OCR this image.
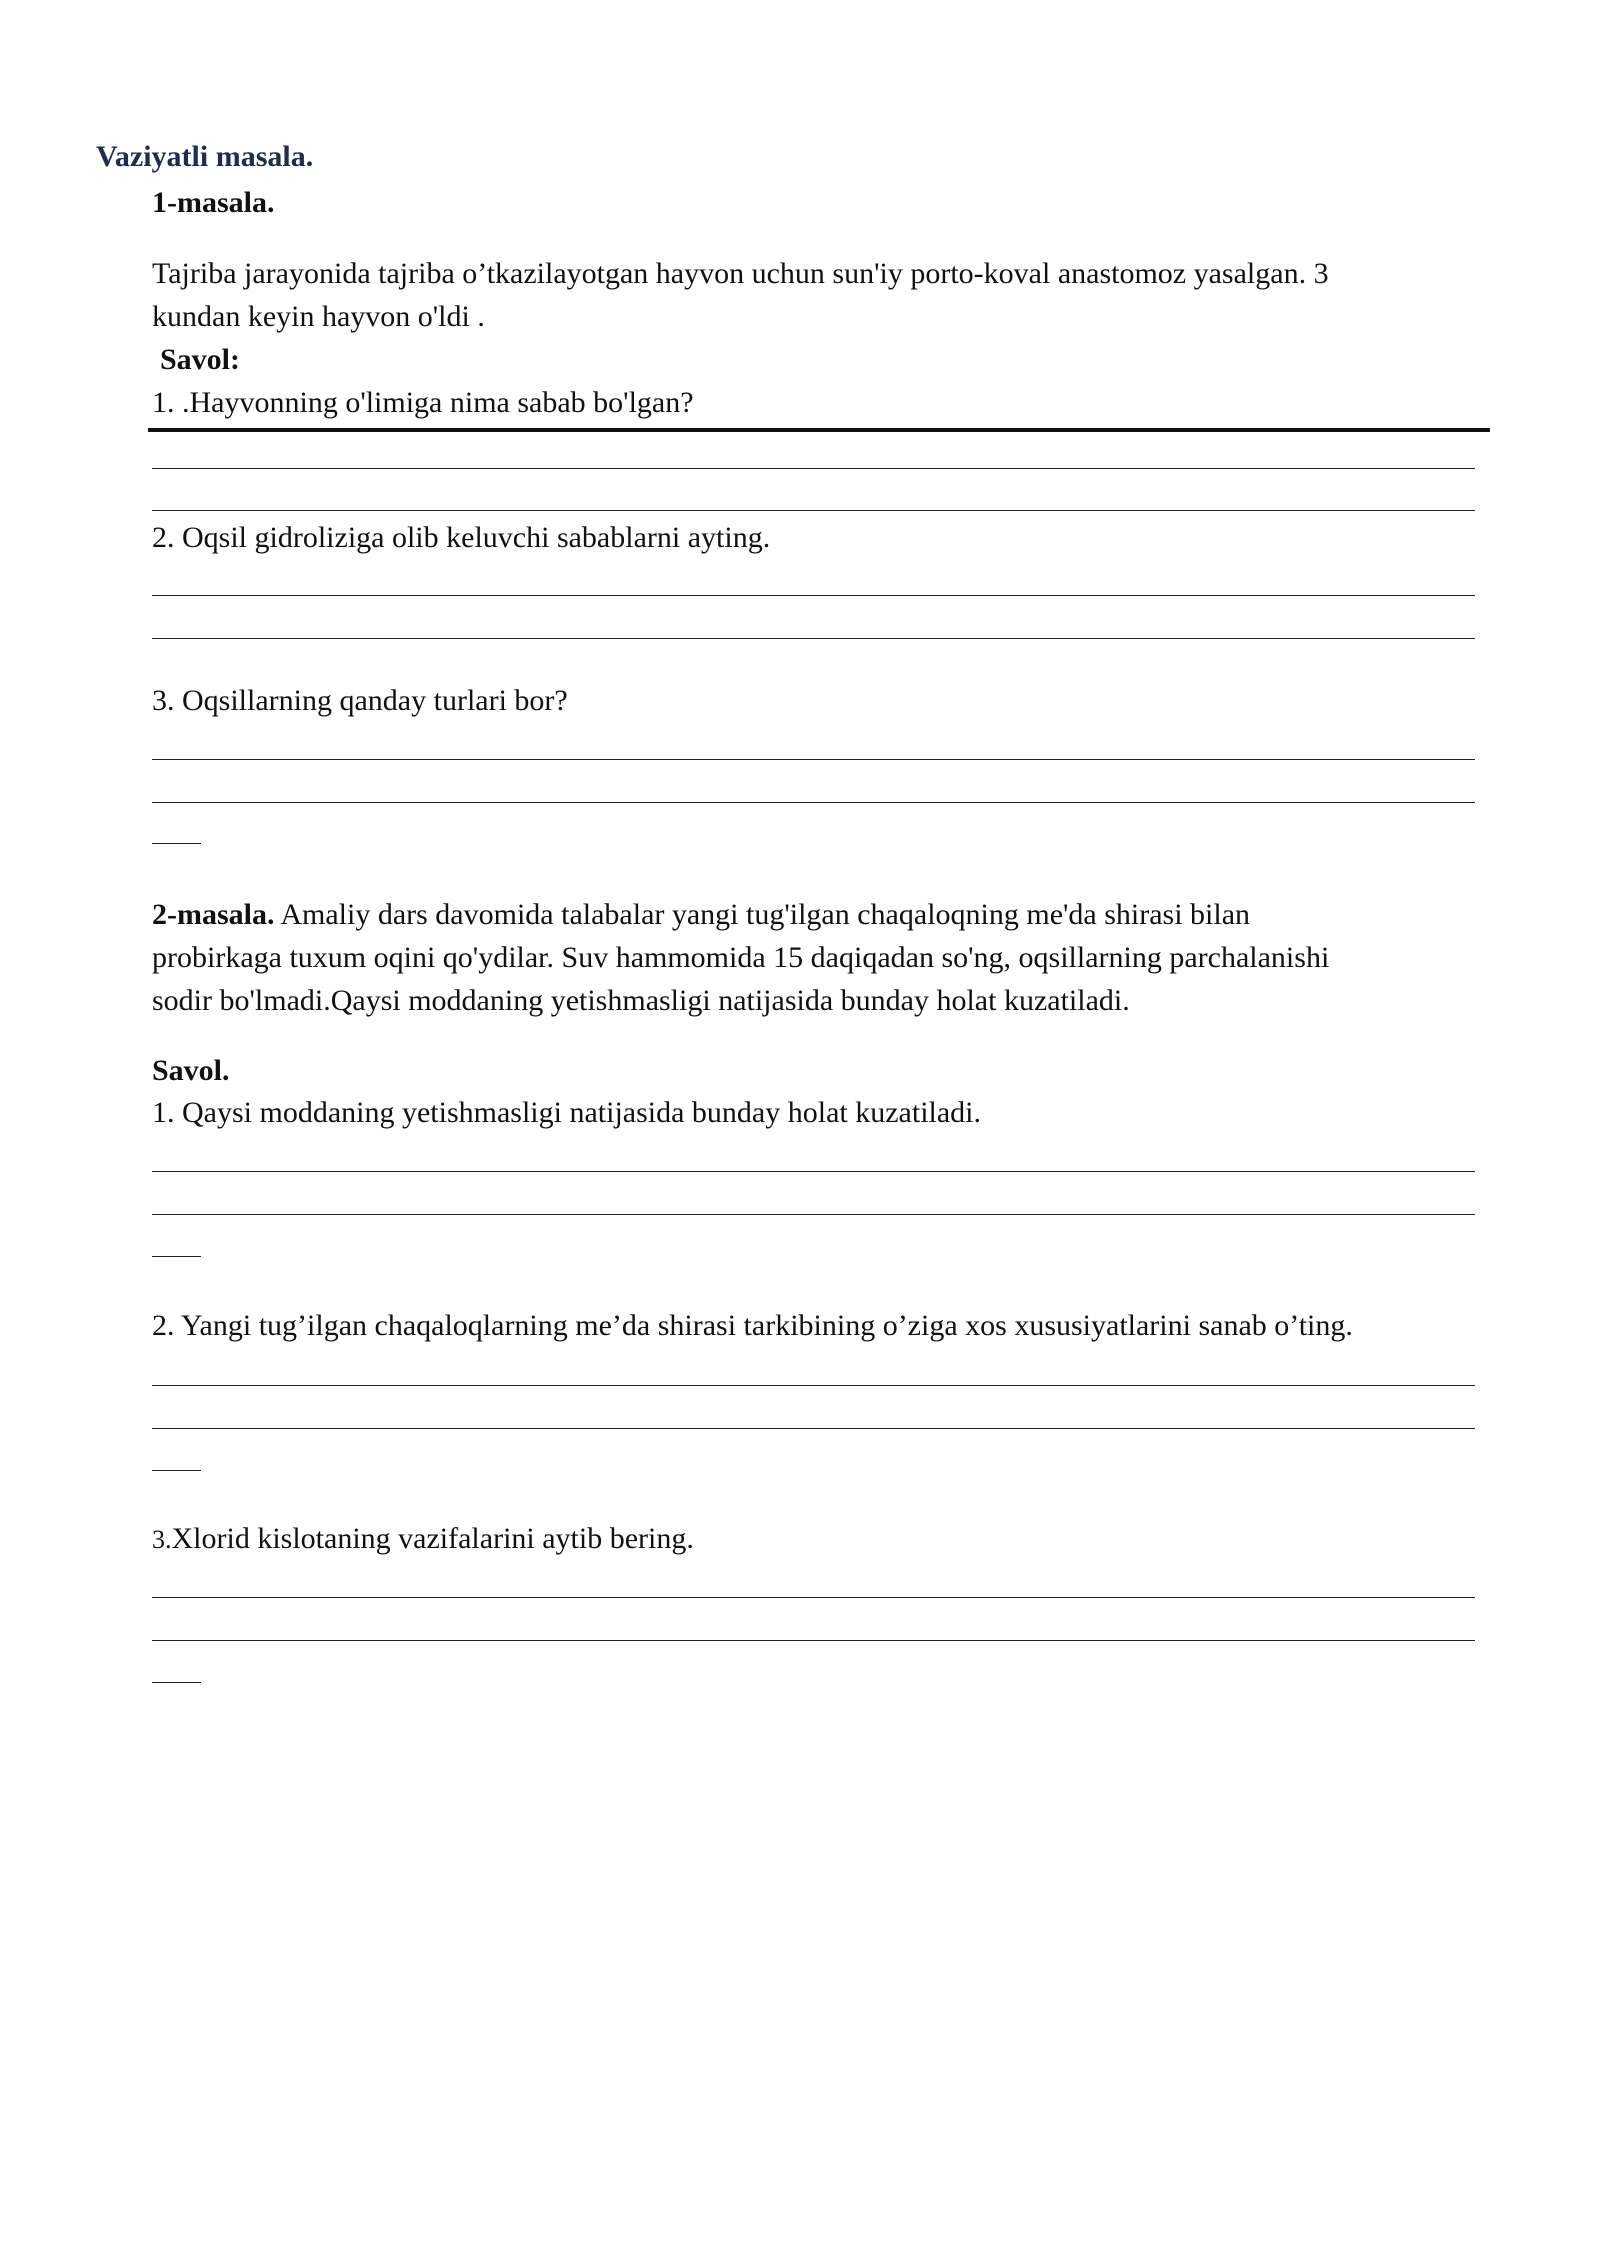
Vaziyatli masala.
1-masala.
Tajriba jarayonida tajriba o’tkazilayotgan hayvon uchun sun'iy porto-koval anastomoz yasalgan. 3
kundan keyin hayvon o'ldi .
Savol:
1. .Hayvonning o'limiga nima sabab bo'lgan?
2. Oqsil gidroliziga olib keluvchi sabablarni ayting.
3. Oqsillarning qanday turlari bor?
2-masala. Amaliy dars davomida talabalar yangi tug'ilgan chaqaloqning me'da shirasi bilan
probirkaga tuxum oqini qo'ydilar. Suv hammomida 15 daqiqadan so'ng, oqsillarning parchalanishi
sodir bo'lmadi.Qaysi moddaning yetishmasligi natijasida bunday holat kuzatiladi.
Savol.
1. Qaysi moddaning yetishmasligi natijasida bunday holat kuzatiladi.
2. Yangi tug’ilgan chaqaloqlarning me’da shirasi tarkibining o’ziga xos xususiyatlarini sanab o’ting.
3.Xlorid kislotaning vazifalarini aytib bering.
